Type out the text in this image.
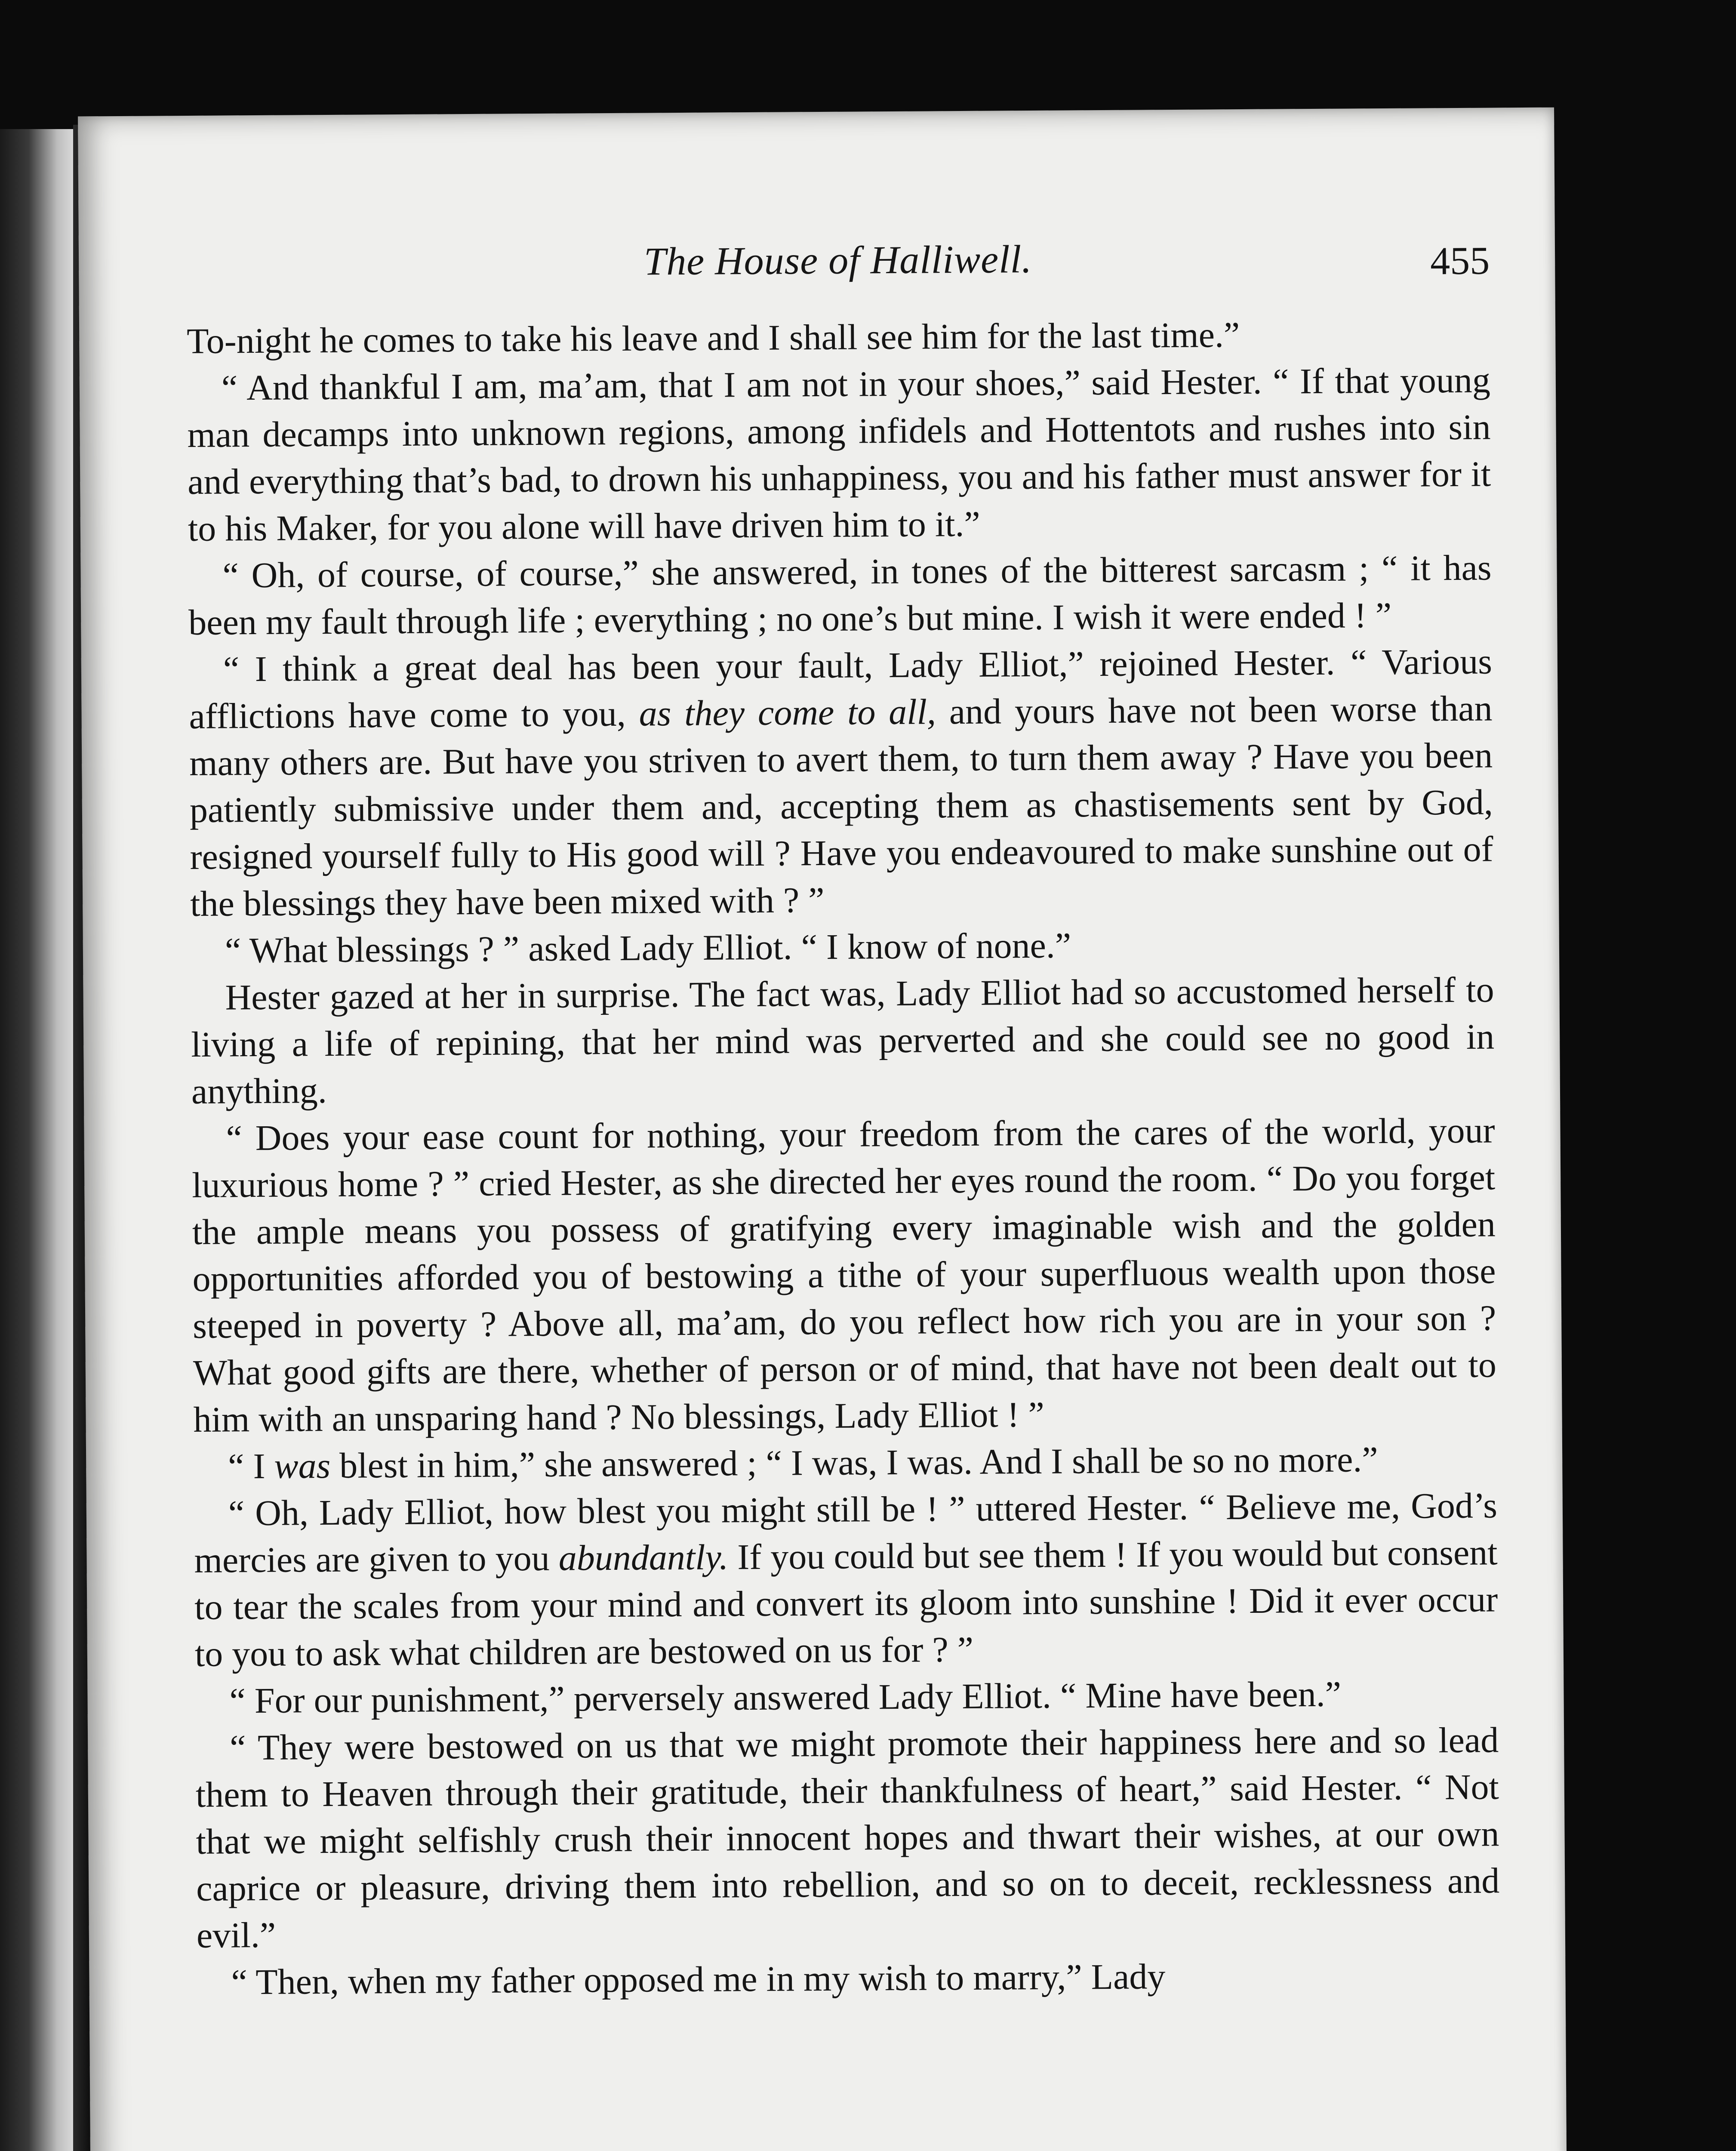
The House of Halliwell.	455

To-night he comes to take his leave and I shall see him for the last time.”

“ And thankful I am, ma’am, that I am not in your shoes,” said Hester. “ If that young man decamps into unknown regions, among infidels and Hottentots and rushes into sin and everything that’s bad, to drown his unhappiness, you and his father must answer for it to his Maker, for you alone will have driven him to it.”

“ Oh, of course, of course,” she answered, in tones of the bitterest sarcasm ; “ it has been my fault through life ; everything ; no one’s but mine. I wish it were ended ! ”

“ I think a great deal has been your fault, Lady Elliot,” rejoined Hester. “ Various afflictions have come to you, as they come to all, and yours have not been worse than many others are. But have you striven to avert them, to turn them away ? Have you been patiently submissive under them and, accepting them as chastisements sent by God, resigned yourself fully to His good will ? Have you endeavoured to make sunshine out of the blessings they have been mixed with ? ”

“ What blessings ? ” asked Lady Elliot. “ I know of none.”

Hester gazed at her in surprise. The fact was, Lady Elliot had so accustomed herself to living a life of repining, that her mind was perverted and she could see no good in anything.

“ Does your ease count for nothing, your freedom from the cares of the world, your luxurious home ? ” cried Hester, as she directed her eyes round the room. “ Do you forget the ample means you possess of gratifying every imaginable wish and the golden opportunities afforded you of bestowing a tithe of your superfluous wealth upon those steeped in poverty ? Above all, ma’am, do you reflect how rich you are in your son ? What good gifts are there, whether of person or of mind, that have not been dealt out to him with an unsparing hand ? No blessings, Lady Elliot ! ”

“ I was blest in him,” she answered ; “ I was, I was. And I shall be so no more.”

“ Oh, Lady Elliot, how blest you might still be ! ” uttered Hester. “ Believe me, God’s mercies are given to you abundantly. If you could but see them ! If you would but consent to tear the scales from your mind and convert its gloom into sunshine ! Did it ever occur to you to ask what children are bestowed on us for ? ”

“ For our punishment,” perversely answered Lady Elliot. “ Mine have been.”

“ They were bestowed on us that we might promote their happiness here and so lead them to Heaven through their gratitude, their thankfulness of heart,” said Hester. “ Not that we might selfishly crush their innocent hopes and thwart their wishes, at our own caprice or pleasure, driving them into rebellion, and so on to deceit, recklessness and evil.”

“ Then, when my father opposed me in my wish to marry,” Lady
